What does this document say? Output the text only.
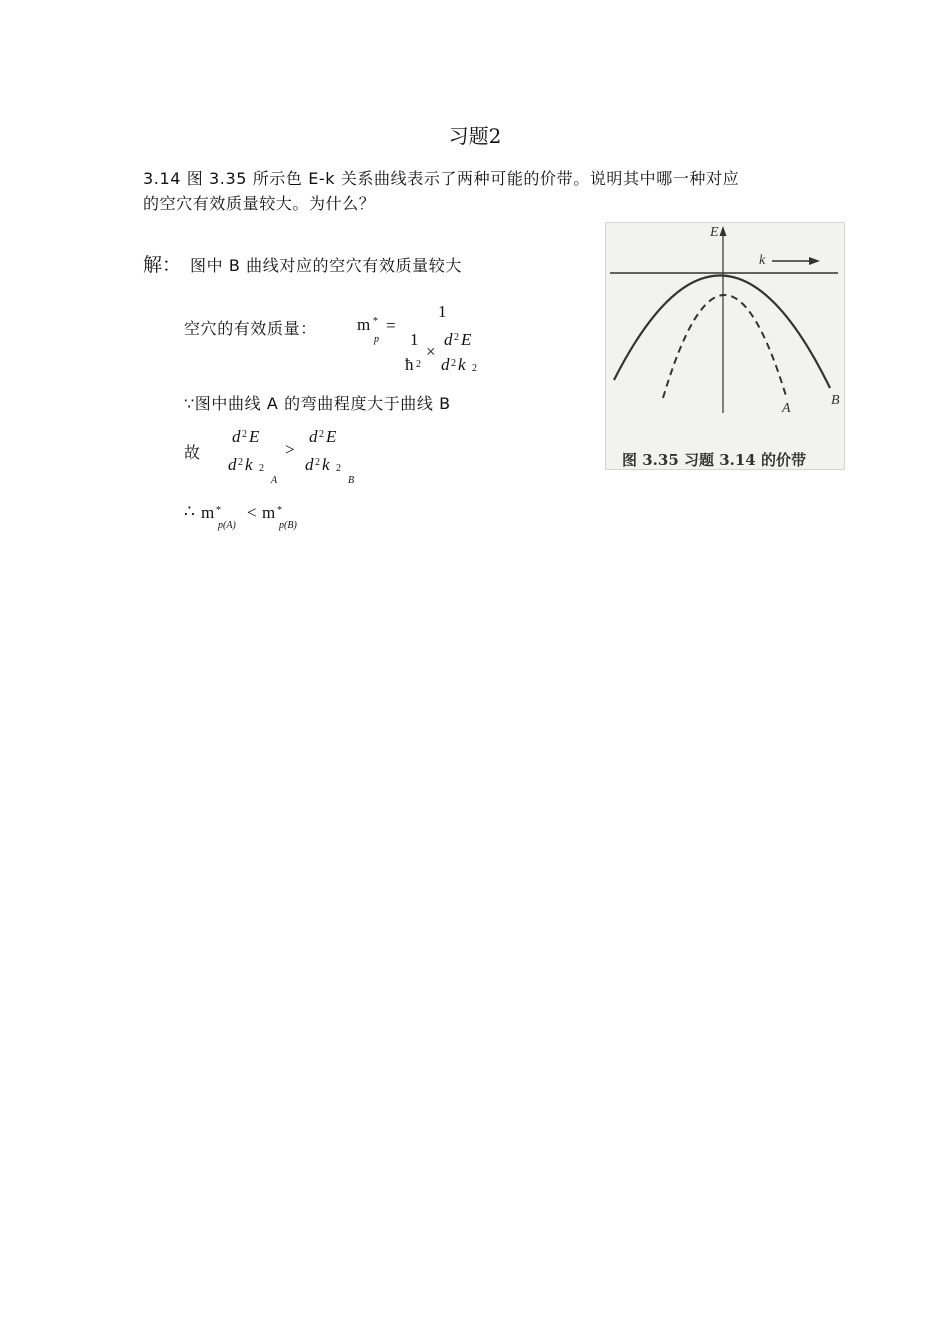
习题2
3.14 图 3.35 所示色 E-k 关系曲线表示了两种可能的价带。说明其中哪一种对应
的空穴有效质量较大。为什么？
解： 图中 B 曲线对应的空穴有效质量较大
空穴的有效质量： m *
p
=
1
1
ħ 2
×
d 2 E
d 2 k 2
∵图中曲线 A 的弯曲程度大于曲线 B
故
d 2 E
d 2 k 2
A
>
d 2 E
d 2 k 2
B
∴ m *
p(A)
< m *
p(B)
E
k
A
B
图 3.35 习题 3.14 的价带
